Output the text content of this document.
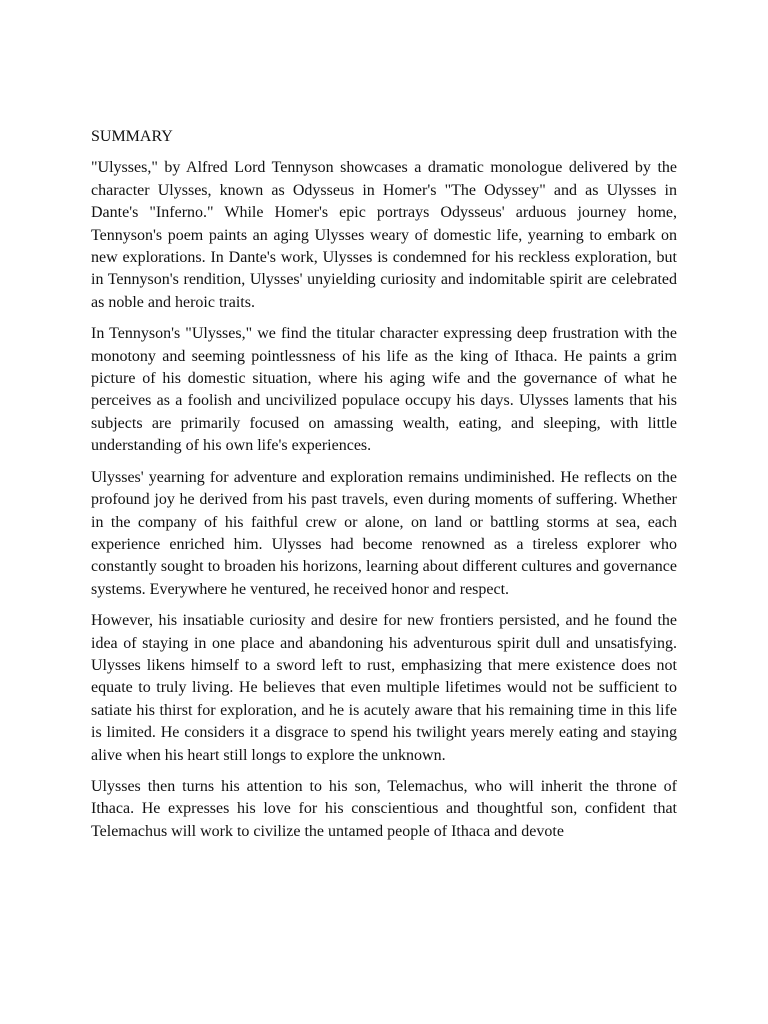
SUMMARY

"Ulysses," by Alfred Lord Tennyson showcases a dramatic monologue delivered by the character Ulysses, known as Odysseus in Homer's "The Odyssey" and as Ulysses in Dante's "Inferno." While Homer's epic portrays Odysseus' arduous journey home, Tennyson's poem paints an aging Ulysses weary of domestic life, yearning to embark on new explorations. In Dante's work, Ulysses is condemned for his reckless exploration, but in Tennyson's rendition, Ulysses' unyielding curiosity and indomitable spirit are celebrated as noble and heroic traits.

In Tennyson's "Ulysses," we find the titular character expressing deep frustration with the monotony and seeming pointlessness of his life as the king of Ithaca. He paints a grim picture of his domestic situation, where his aging wife and the governance of what he perceives as a foolish and uncivilized populace occupy his days. Ulysses laments that his subjects are primarily focused on amassing wealth, eating, and sleeping, with little understanding of his own life's experiences.

Ulysses' yearning for adventure and exploration remains undiminished. He reflects on the profound joy he derived from his past travels, even during moments of suffering. Whether in the company of his faithful crew or alone, on land or battling storms at sea, each experience enriched him. Ulysses had become renowned as a tireless explorer who constantly sought to broaden his horizons, learning about different cultures and governance systems. Everywhere he ventured, he received honor and respect.

However, his insatiable curiosity and desire for new frontiers persisted, and he found the idea of staying in one place and abandoning his adventurous spirit dull and unsatisfying. Ulysses likens himself to a sword left to rust, emphasizing that mere existence does not equate to truly living. He believes that even multiple lifetimes would not be sufficient to satiate his thirst for exploration, and he is acutely aware that his remaining time in this life is limited. He considers it a disgrace to spend his twilight years merely eating and staying alive when his heart still longs to explore the unknown.

Ulysses then turns his attention to his son, Telemachus, who will inherit the throne of Ithaca. He expresses his love for his conscientious and thoughtful son, confident that Telemachus will work to civilize the untamed people of Ithaca and devote
